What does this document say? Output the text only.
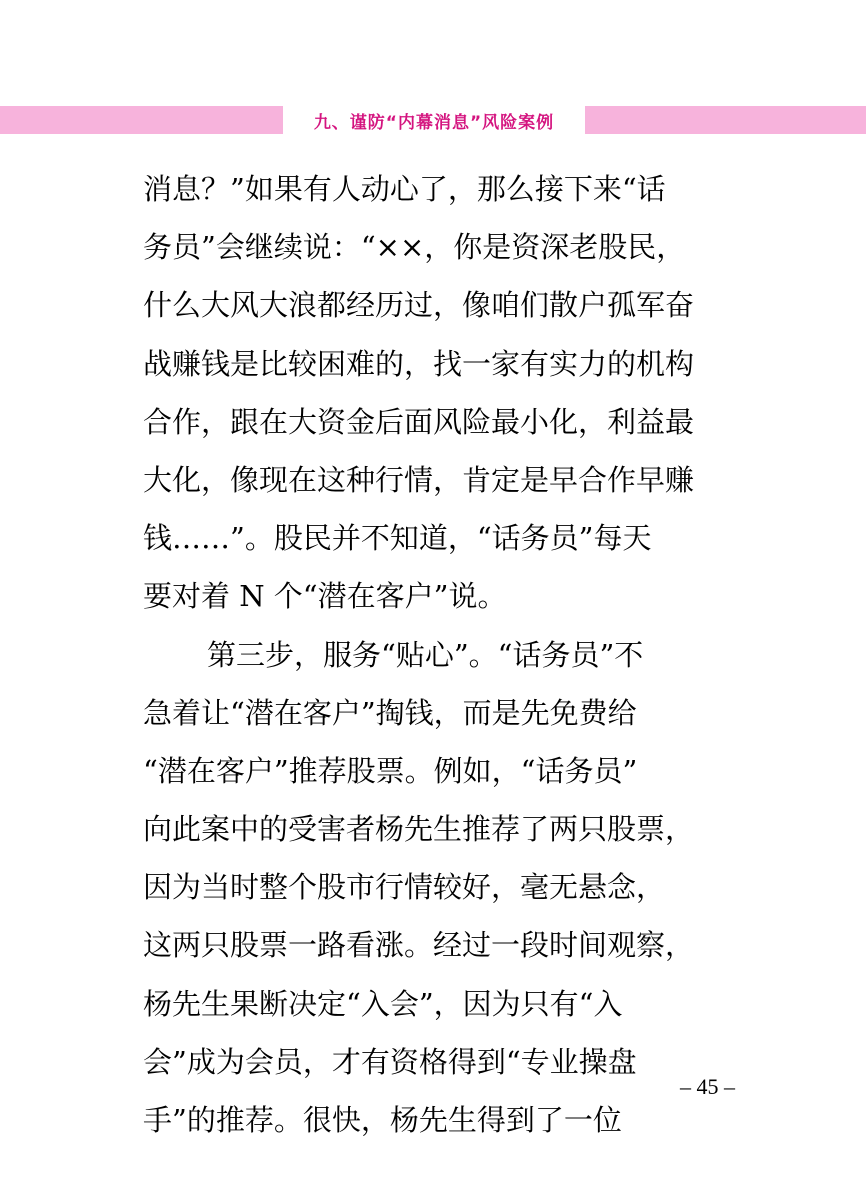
九、谨防“内幕消息”风险案例
消息？”如果有人动心了，那么接下来“话
务员”会继续说：“××，你是资深老股民，
什么大风大浪都经历过，像咱们散户孤军奋
战赚钱是比较困难的，找一家有实力的机构
合作，跟在大资金后面风险最小化，利益最
大化，像现在这种行情，肯定是早合作早赚
钱……”。股民并不知道，“话务员”每天
要对着 N 个“潜在客户”说。
第三步，服务“贴心”。“话务员”不
急着让“潜在客户”掏钱，而是先免费给
“潜在客户”推荐股票。例如，“话务员”
向此案中的受害者杨先生推荐了两只股票，
因为当时整个股市行情较好，毫无悬念，
这两只股票一路看涨。经过一段时间观察，
杨先生果断决定“入会”，因为只有“入
会”成为会员，才有资格得到“专业操盘
手”的推荐。很快，杨先生得到了一位
– 45 –
